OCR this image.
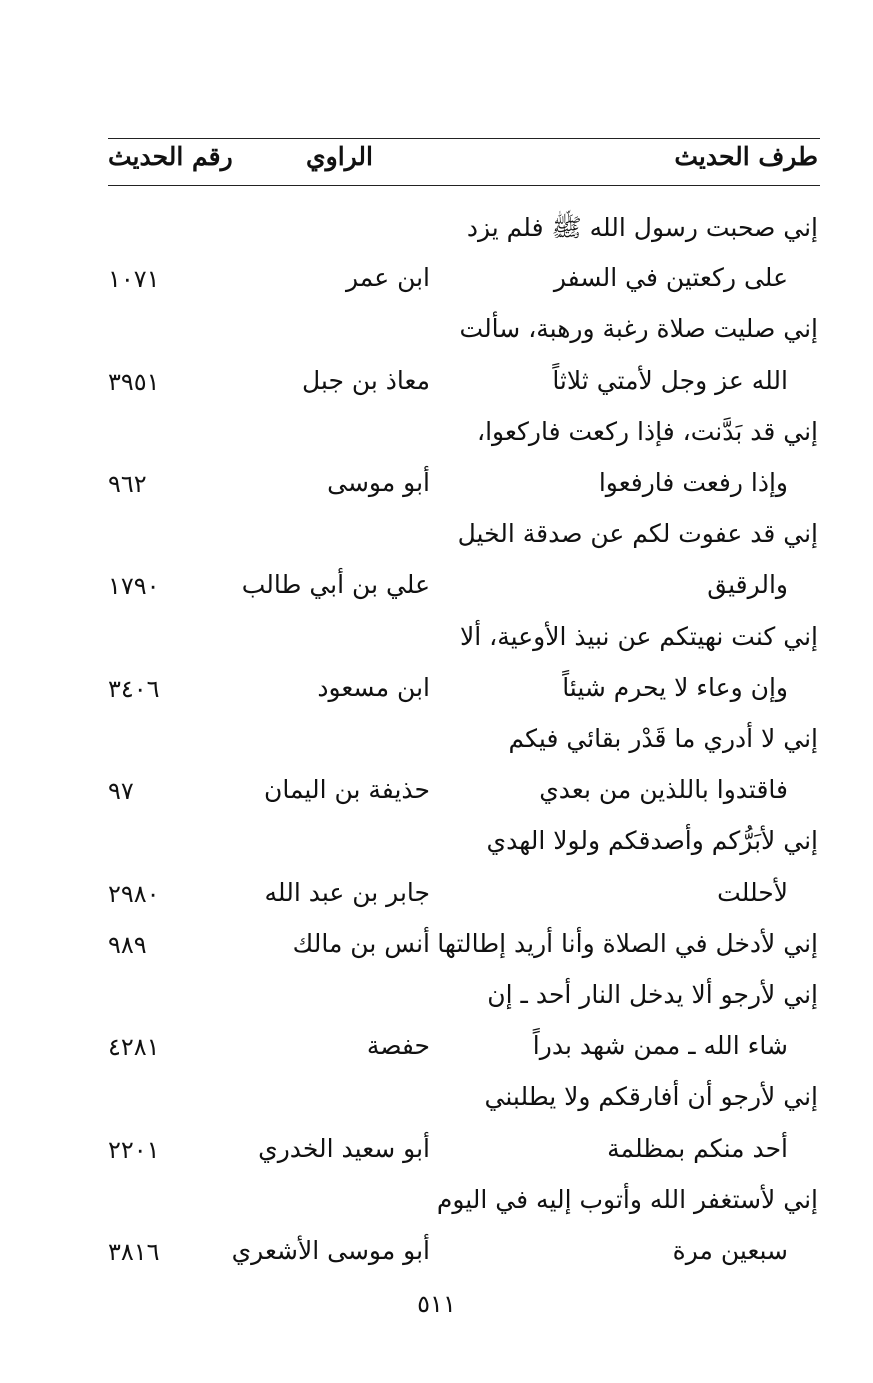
طرف الحديث
الراوي
رقم الحديث
إني صحبت رسول الله ﷺ فلم يزد
على ركعتين في السفر
ابن عمر
١٠٧١
إني صليت صلاة رغبة ورهبة، سألت
الله عز وجل لأمتي ثلاثاً
معاذ بن جبل
٣٩٥١
إني قد بَدَّنت، فإذا ركعت فاركعوا،
وإذا رفعت فارفعوا
أبو موسى
٩٦٢
إني قد عفوت لكم عن صدقة الخيل
والرقيق
علي بن أبي طالب
١٧٩٠
إني كنت نهيتكم عن نبيذ الأوعية، ألا
وإن وعاء لا يحرم شيئاً
ابن مسعود
٣٤٠٦
إني لا أدري ما قَدْر بقائي فيكم
فاقتدوا باللذين من بعدي
حذيفة بن اليمان
٩٧
إني لأبَرُّكم وأصدقكم ولولا الهدي
لأحللت
جابر بن عبد الله
٢٩٨٠
إني لأدخل في الصلاة وأنا أريد إطالتها
أنس بن مالك
٩٨٩
إني لأرجو ألا يدخل النار أحد ـ إن
شاء الله ـ ممن شهد بدراً
حفصة
٤٢٨١
إني لأرجو أن أفارقكم ولا يطلبني
أحد منكم بمظلمة
أبو سعيد الخدري
٢٢٠١
إني لأستغفر الله وأتوب إليه في اليوم
سبعين مرة
أبو موسى الأشعري
٣٨١٦
٥١١
